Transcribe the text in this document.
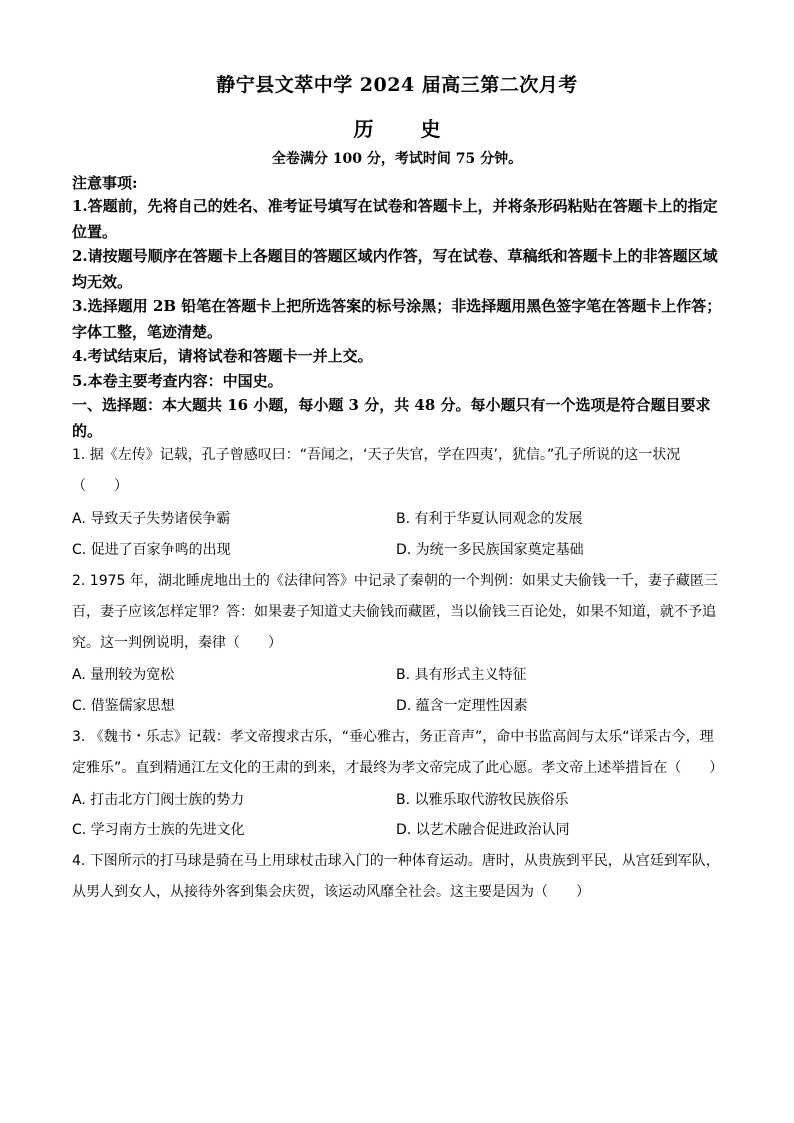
静宁县文萃中学 2024 届高三第二次月考
历 史
全卷满分 100 分，考试时间 75 分钟。
注意事项:
1.答题前，先将自己的姓名、准考证号填写在试卷和答题卡上，并将条形码粘贴在答题卡上的指定位置。
2.请按题号顺序在答题卡上各题目的答题区域内作答，写在试卷、草稿纸和答题卡上的非答题区域均无效。
3.选择题用 2B 铅笔在答题卡上把所选答案的标号涂黑；非选择题用黑色签字笔在答题卡上作答；字体工整，笔迹清楚。
4.考试结束后，请将试卷和答题卡一并上交。
5.本卷主要考查内容：中国史。
一、选择题：本大题共 16 小题，每小题 3 分，共 48 分。每小题只有一个选项是符合题目要求的。
1. 据《左传》记载，孔子曾感叹曰：“吾闻之，‘天子失官，学在四夷’，犹信。”孔子所说的这一状况（　　）
A. 导致天子失势诸侯争霸	B. 有利于华夏认同观念的发展
C. 促进了百家争鸣的出现	D. 为统一多民族国家奠定基础
2. 1975 年，湖北睡虎地出土的《法律问答》中记录了秦朝的一个判例：如果丈夫偷钱一千，妻子藏匿三百，妻子应该怎样定罪？答：如果妻子知道丈夫偷钱而藏匿，当以偷钱三百论处，如果不知道，就不予追究。这一判例说明，秦律（　　）
A. 量刑较为宽松	B. 具有形式主义特征
C. 借鉴儒家思想	D. 蕴含一定理性因素
3. 《魏书・乐志》记载：孝文帝搜求古乐，“垂心雅古，务正音声”，命中书监高闾与太乐“详采古今，理定雅乐”。直到精通江左文化的王肃的到来，才最终为孝文帝完成了此心愿。孝文帝上述举措旨在（　　）
A. 打击北方门阀士族的势力	B. 以雅乐取代游牧民族俗乐
C. 学习南方士族的先进文化	D. 以艺术融合促进政治认同
4. 下图所示的打马球是骑在马上用球杖击球入门的一种体育运动。唐时，从贵族到平民，从宫廷到军队，从男人到女人，从接待外客到集会庆贺，该运动风靡全社会。这主要是因为（　　）
